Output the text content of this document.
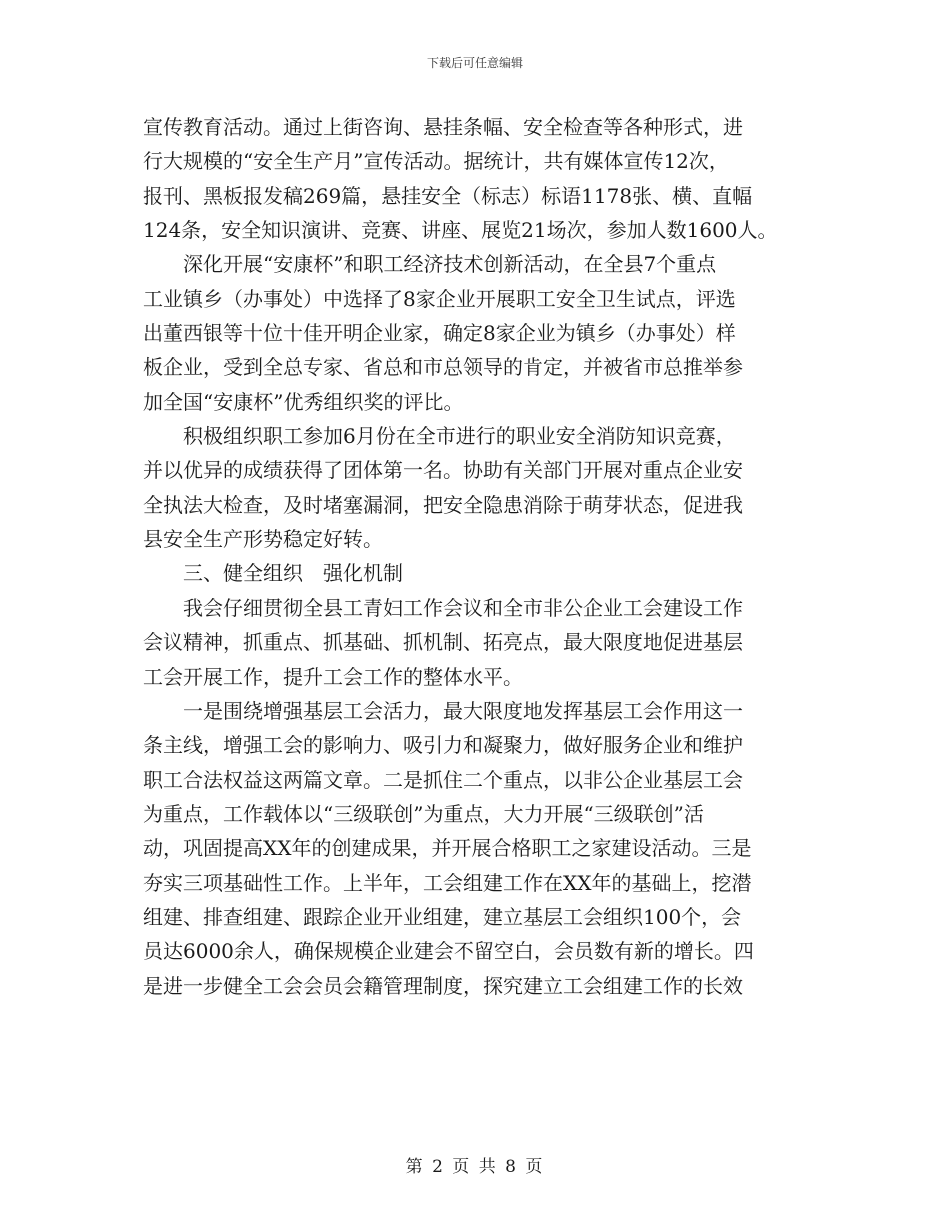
下载后可任意编辑
宣传教育活动。通过上街咨询、悬挂条幅、安全检查等各种形式，进
行大规模的“安全生产月”宣传活动。据统计，共有媒体宣传12次，
报刊、黑板报发稿269篇，悬挂安全（标志）标语1178张、横、直幅
124条，安全知识演讲、竞赛、讲座、展览21场次，参加人数1600人。
深化开展“安康杯”和职工经济技术创新活动，在全县7个重点
工业镇乡（办事处）中选择了8家企业开展职工安全卫生试点，评选
出董西银等十位十佳开明企业家，确定8家企业为镇乡（办事处）样
板企业，受到全总专家、省总和市总领导的肯定，并被省市总推举参
加全国“安康杯”优秀组织奖的评比。
积极组织职工参加6月份在全市进行的职业安全消防知识竞赛，
并以优异的成绩获得了团体第一名。协助有关部门开展对重点企业安
全执法大检查，及时堵塞漏洞，把安全隐患消除于萌芽状态，促进我
县安全生产形势稳定好转。
三、健全组织　强化机制
我会仔细贯彻全县工青妇工作会议和全市非公企业工会建设工作
会议精神，抓重点、抓基础、抓机制、拓亮点，最大限度地促进基层
工会开展工作，提升工会工作的整体水平。
一是围绕增强基层工会活力，最大限度地发挥基层工会作用这一
条主线，增强工会的影响力、吸引力和凝聚力，做好服务企业和维护
职工合法权益这两篇文章。二是抓住二个重点，以非公企业基层工会
为重点，工作载体以“三级联创”为重点，大力开展“三级联创”活
动，巩固提高XX年的创建成果，并开展合格职工之家建设活动。三是
夯实三项基础性工作。上半年，工会组建工作在XX年的基础上，挖潜
组建、排查组建、跟踪企业开业组建，建立基层工会组织100个，会
员达6000余人，确保规模企业建会不留空白，会员数有新的增长。四
是进一步健全工会会员会籍管理制度，探究建立工会组建工作的长效
第 2 页 共 8 页
